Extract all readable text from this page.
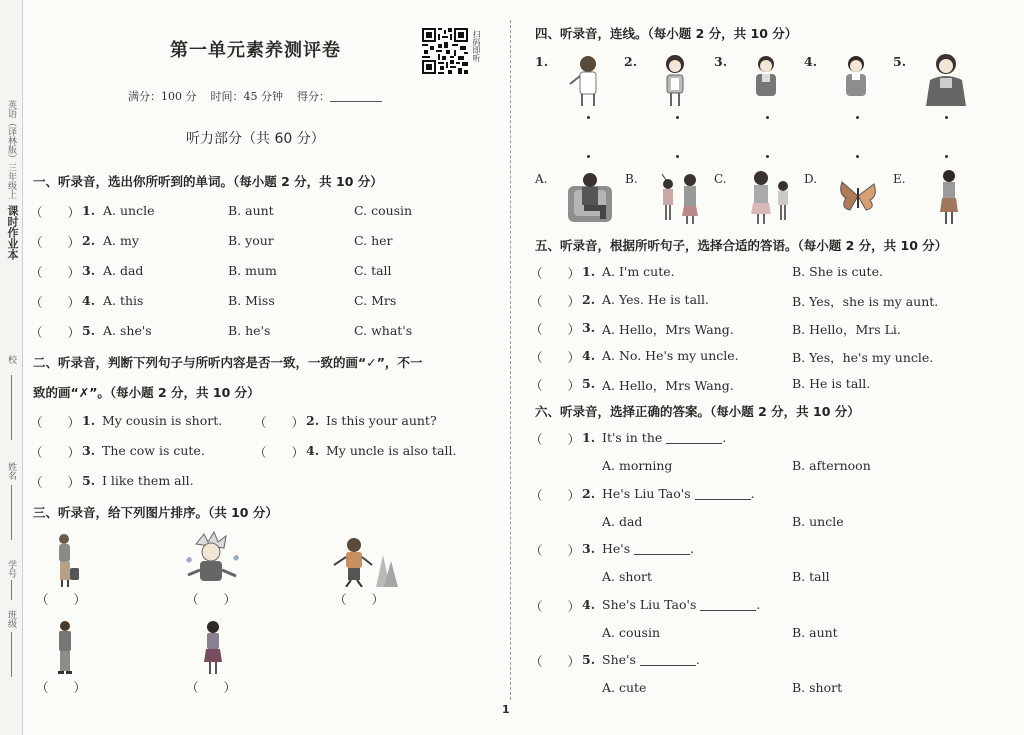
课时作业本
英语（译林版）三年级上
校
姓名
学号
班级
第一单元素养测评卷	扫码即听
满分：100 分 时间：45 分钟 得分：
听力部分（共 60 分）
一、听录音，选出你所听到的单词。（每小题 2 分，共 10 分）
（　　） 1. A. uncle	B. aunt	C. cousin
（　　） 2. A. my	B. your	C. her
（　　） 3. A. dad	B. mum	C. tall
（　　） 4. A. this	B. Miss	C. Mrs
（　　） 5. A. she's	B. he's	C. what's
二、听录音，判断下列句子与所听内容是否一致，一致的画“✓”，不一
致的画“✗”。（每小题 2 分，共 10 分）
（　　） 1. My cousin is short.	（　　） 2. Is this your aunt?
（　　） 3. The cow is cute.	（　　） 4. My uncle is also tall.
（　　） 5. I like them all.
三、听录音，给下列图片排序。（共 10 分）
（　　）	（　　）	（　　）
（　　）	（　　）
四、听录音，连线。（每小题 2 分，共 10 分）
1.	2.	3.	4.	5.
A.	B.	C.	D.	E.
五、听录音，根据所听句子，选择合适的答语。（每小题 2 分，共 10 分）
（　　） 1. A. I'm cute.	B. She is cute.
（　　） 2. A. Yes. He is tall.	B. Yes，she is my aunt.
（　　） 3. A. Hello，Mrs Wang.	B. Hello，Mrs Li.
（　　） 4. A. No. He's my uncle.	B. Yes，he's my uncle.
（　　） 5. A. Hello，Mrs Wang.	B. He is tall.
六、听录音，选择正确的答案。（每小题 2 分，共 10 分）
（　　） 1. It's in the	.
A. morning	B. afternoon
（　　） 2. He's Liu Tao's	.
A. dad	B. uncle
（　　） 3. He's	.
A. short	B. tall
（　　） 4. She's Liu Tao's	.
A. cousin	B. aunt
（　　） 5. She's	.
A. cute	B. short
1
